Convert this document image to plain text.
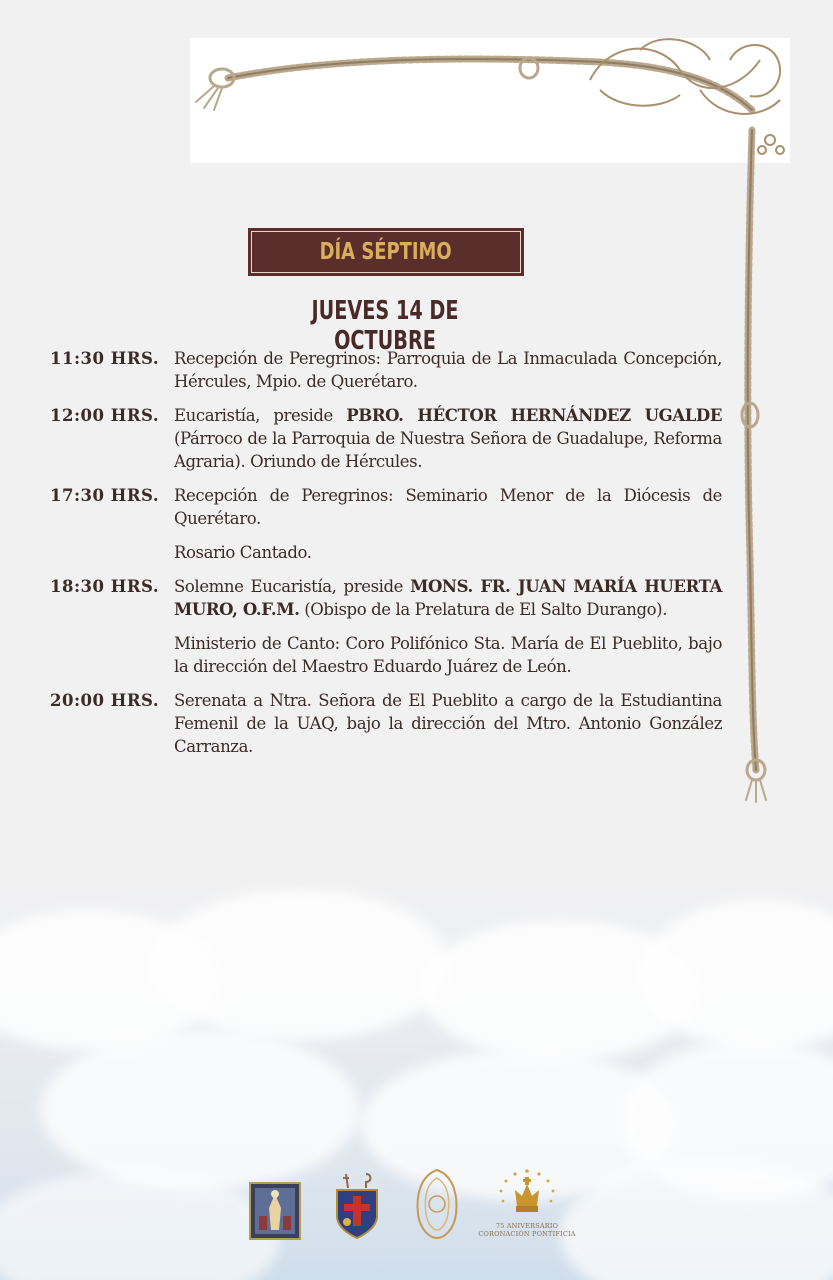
DÍA SÉPTIMO
JUEVES 14 DE OCTUBRE
11:30 HRS. Recepción de Peregrinos: Parroquia de La Inmaculada Concepción, Hércules, Mpio. de Querétaro.
12:00 HRS. Eucaristía, preside PBRO. HÉCTOR HERNÁNDEZ UGALDE (Párroco de la Parroquia de Nuestra Señora de Guadalupe, Reforma Agraria). Oriundo de Hércules.
17:30 HRS. Recepción de Peregrinos: Seminario Menor de la Diócesis de Querétaro.
Rosario Cantado.
18:30 HRS. Solemne Eucaristía, preside MONS. FR. JUAN MARÍA HUERTA MURO, O.F.M. (Obispo de la Prelatura de El Salto Durango).
Ministerio de Canto: Coro Polifónico Sta. María de El Pueblito, bajo la dirección del Maestro Eduardo Juárez de León.
20:00 HRS. Serenata a Ntra. Señora de El Pueblito a cargo de la Estudiantina Femenil de la UAQ, bajo la dirección del Mtro. Antonio González Carranza.
75 ANIVERSARIO
CORONACIÓN PONTIFICIA
